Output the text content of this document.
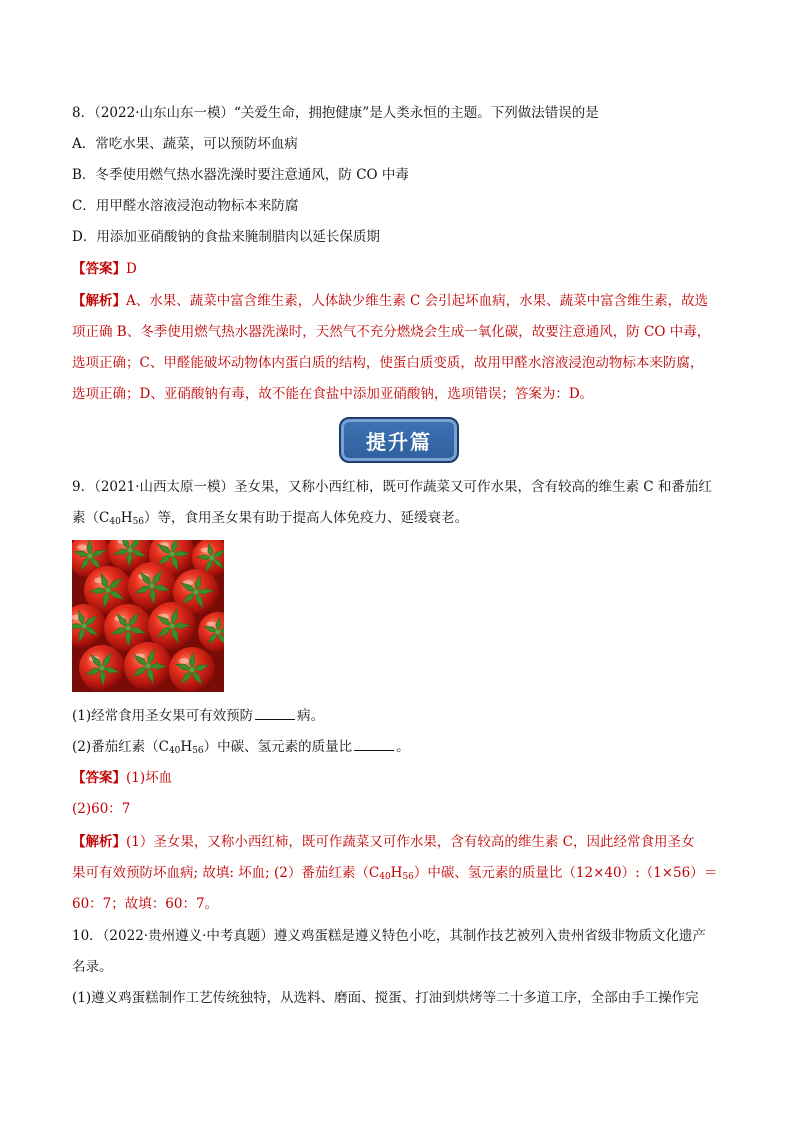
8．（2022·山东山东一模）“关爱生命，拥抱健康”是人类永恒的主题。下列做法错误的是
A．常吃水果、蔬菜，可以预防坏血病
B．冬季使用燃气热水器洗澡时要注意通风，防 CO 中毒
C．用甲醛水溶液浸泡动物标本来防腐
D．用添加亚硝酸钠的食盐来腌制腊肉以延长保质期
【答案】D
【解析】A、水果、蔬菜中富含维生素，人体缺少维生素 C 会引起坏血病，水果、蔬菜中富含维生素，故选
项正确 B、冬季使用燃气热水器洗澡时，天然气不充分燃烧会生成一氧化碳，故要注意通风，防 CO 中毒，
选项正确；C、甲醛能破坏动物体内蛋白质的结构，使蛋白质变质，故用甲醛水溶液浸泡动物标本来防腐，
选项正确；D、亚硝酸钠有毒，故不能在食盐中添加亚硝酸钠，选项错误；答案为：D。
提升篇
9．（2021·山西太原一模）圣女果，又称小西红柿，既可作蔬菜又可作水果，含有较高的维生素 C 和番茄红
素$(C_{40}H_{56})$等，食用圣女果有助于提高人体免疫力、延缓衰老。
(1)经常食用圣女果可有效预防	病。
(2)番茄红素$(C_{40}H_{56})$中碳、氢元素的质量比	。
【答案】(1)坏血
(2)60：7
【解析】(1）圣女果，又称小西红柿，既可作蔬菜又可作水果，含有较高的维生素 C，因此经常食用圣女
果可有效预防坏血病; 故填: 坏血; (2）番茄红素$(C_{40}H_{56})$中碳、氢元素的质量比（12×40）:（1×56）＝
60：7；故填：60：7。
10．（2022·贵州遵义·中考真题）遵义鸡蛋糕是遵义特色小吃，其制作技艺被列入贵州省级非物质文化遗产
名录。
(1)遵义鸡蛋糕制作工艺传统独特，从选料、磨面、搅蛋、打油到烘烤等二十多道工序，全部由手工操作完
